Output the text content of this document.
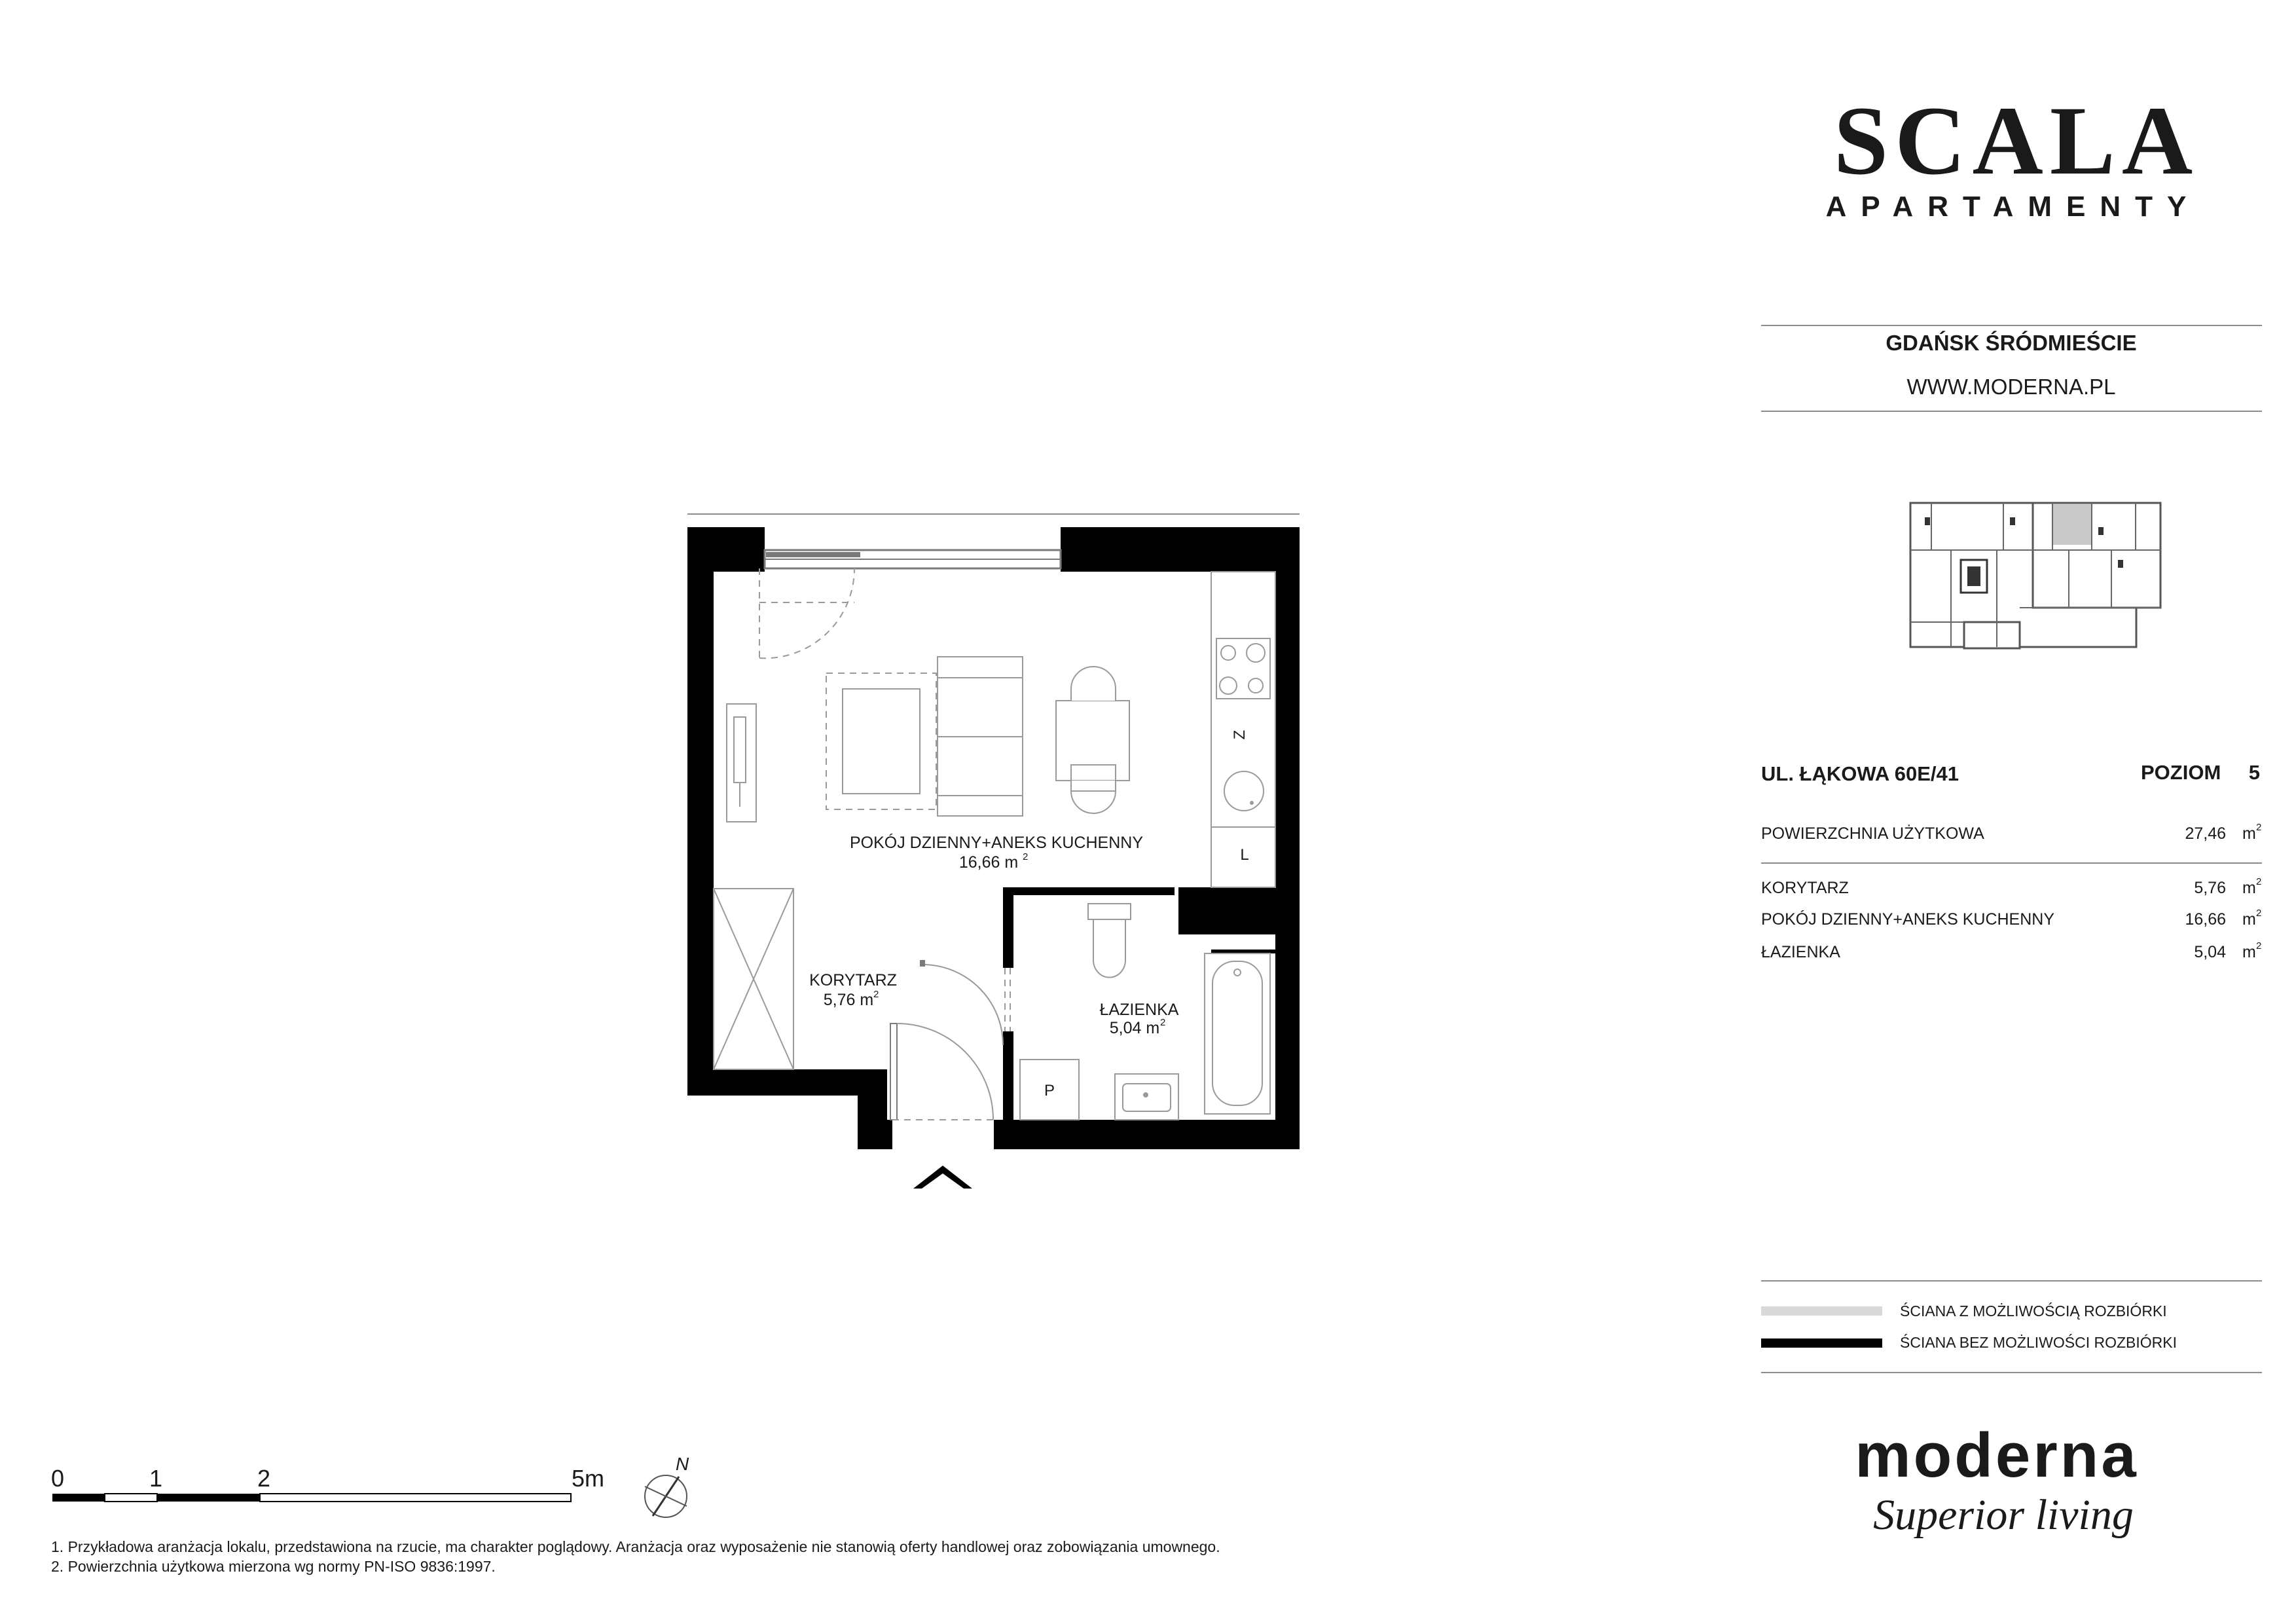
SCALA
APARTAMENTY
GDAŃSK ŚRÓDMIEŚCIE
WWW.MODERNA.PL
UL. ŁĄKOWA 60E/41	POZIOM 5
POWIERZCHNIA UŻYTKOWA	27,46 m 2
KORYTARZ	5,76 m 2
POKÓJ DZIENNY+ANEKS KUCHENNY	16,66 m 2
ŁAZIENKA	5,04 m 2
ŚCIANA Z MOŻLIWOŚCIĄ ROZBIÓRKI
ŚCIANA BEZ MOŻLIWOŚCI ROZBIÓRKI
moderna
Superior living
Z
L
P
POKÓJ DZIENNY+ANEKS KUCHENNY
16,66 m 2
KORYTARZ
5,76 m 2
ŁAZIENKA
5,04 m 2
0	1	2	5m
N
1. Przykładowa aranżacja lokalu, przedstawiona na rzucie, ma charakter poglądowy. Aranżacja oraz wyposażenie nie stanowią oferty handlowej oraz zobowiązania umownego.
2. Powierzchnia użytkowa mierzona wg normy PN-ISO 9836:1997.
